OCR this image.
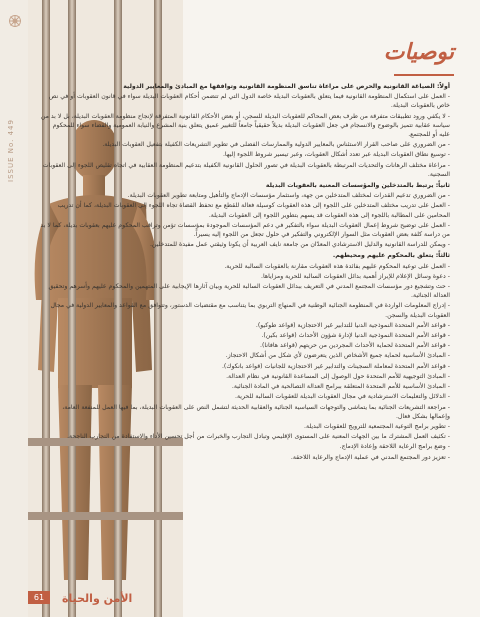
ISSUE No. 449
توصيات

أولاً: الصياغة القانونية والحرص على مراعاة تناسق المنظومة القانونية وتوافقها مع المبادئ والمعايير الدولية

- العمل على استكمال المنظومة القانونية فيما يتعلق بالعقوبات البديلة خاصة الدول التي لم تتضمن أحكام العقوبات البديلة سواء في قانون العقوبات أو في نص خاص بالعقوبات البديلة.

- لا يكفي ورود تطبيقات متفرقة من طرف بعض المحاكم للعقوبات البديلة للسجن، أو بعض الأحكام القانونية المتفرقة لإنجاح منظومة العقوبات البديلة، بل لا بد من سياسة عقابية تتميز بالوضوح والانسجام في جعل العقوبات البديلة بديلاً حقيقياً جامعاً للتغيير عميق يتعلق بنية المشرع والنيابة العمومية والقضاء سواء للمحكوم عليه أو للمجتمع.

- من الضروري على صاحب القرار الاستئناس بالمعايير الدولية والممارسات الفضلى في تطوير التشريعات الكفيلة بتفعيل العقوبات البديلة.

- توسيع نطاق العقوبات البديلة عبر تعدد أشكال العقوبات، وعبر تيسير شروط اللجوء إليها.

- مراعاة مختلف الرهانات والتحديات المرتبطة بالعقوبات البديلة في تصور الحلول القانونية الكفيلة بتدعيم المنظومة العقابية في اتجاه تقليص اللجوء إلى العقوبات السجنية.

ثانياً: يرتبط بالمتدخلين والمؤسسات المعنية بالعقوبات البديلة

- من الضروري تدعيم القدرات لمختلف المتدخلين من جهة، واستثمار مؤسسات الإدماج والتأهيل ومتابعة تطوير العقوبات البديلة.

- العمل على تدريب مختلف المتدخلين على اللجوء إلى هذه العقوبات كوسيلة فعالة للقطع مع تحفظ القضاة تجاه اللجوء إلى العقوبات البديلة، كما أن تدريب المحامين على المطالبة باللجوء إلى هذه العقوبات قد يسهم بتطوير اللجوء إلى العقوبات البديلة.

- العمل على توضيح شروط إعمال العقوبات البديلة سواء بالتفكير في دعم المؤسسات الموجودة بمؤسسات تؤمن وتراقب المحكوم عليهم بعقوبات بديلة، كما لا بد من دراسة كلفة بعض العقوبات مثل السوار الإلكتروني والتفكير في حلول تجعل من اللجوء إليه يسيراً.

- ويمكن للدراسة القانونية والدليل الاسترشادي المعدّان من جامعة نايف العربية أن يكونا وثيقتي عمل مفيدة للمتدخلين.

ثالثاً: يتعلق بالمحكوم عليهم ومحيطهم.

- العمل على توعية المحكوم عليهم بفائدة هذه العقوبات مقارنة بالعقوبات السالبة للحرية.

- دعوة وسائل الإعلام للإبراز أهمية بدائل العقوبات السالبة للحرية ومزاياها.

- حث وتشجيع دور مؤسسات المجتمع المدني في التعريف ببدائل العقوبات السالبة للحرية وبيان آثارها الإيجابية على المتهمين والمحكوم عليهم وأسرهم وتحقيق العدالة الجنائية.

- إدراج المعلومات الواردة في المنظومة الجنائية الوطنية في المنهاج التربوي بما يتناسب مع مقتضيات الدستور، وتتوافق مع القواعد والمعايير الدولية في مجال العقوبات البديلة والسجن.

- قواعد الأمم المتحدة النموذجية الدنيا للتدابير غير الاحتجازية (قواعد طوكيو).

- قواعد الأمم المتحدة النموذجية الدنيا لإدارة شؤون الأحداث (قواعد بكين).

- قواعد الأمم المتحدة لحماية الأحداث المجردين من حريتهم (قواعد هافانا).

- المبادئ الأساسية لحماية جميع الأشخاص الذين يتعرضون لأي شكل من أشكال الاحتجاز.

- قواعد الأمم المتحدة لمعاملة السجينات والتدابير غير الاحتجازية للجانيات (قواعد بانكوك).

- المبادئ التوجيهية للأمم المتحدة حول الوصول إلى المساعدة القانونية في نظام العدالة.

- المبادئ الأساسية للأمم المتحدة المتعلقة ببرامج العدالة التصالحية في المادة الجنائية.

- الدلائل والتعليمات الاسترشادية في مجال العقوبات البديلة للعقوبات السالبة للحرية.

- مراجعة التشريعات الجنائية بما يتماشى والتوجهات السياسية الجنائية والعقابية الحديثة لتشمل النص على العقوبات البديلة، بما فيها العمل للمنفعة العامة، وإعمالها بشكل فعال.

- تطوير برامج التوعية المجتمعية للترويج للعقوبات البديلة.

- تكثيف العمل المشترك ما بين الجهات المعنية على المستوى الإقليمي وتبادل التجارب والخبرات من أجل تحسين الأداء والاستفادة من التجارب الناجحة.

- وضع برامج الرعاية اللاحقة وإعادة الإدماج.

- تعزيز دور المجتمع المدني في عملية الإدماج والرعاية اللاحقة.

61	الأمن والحياة
